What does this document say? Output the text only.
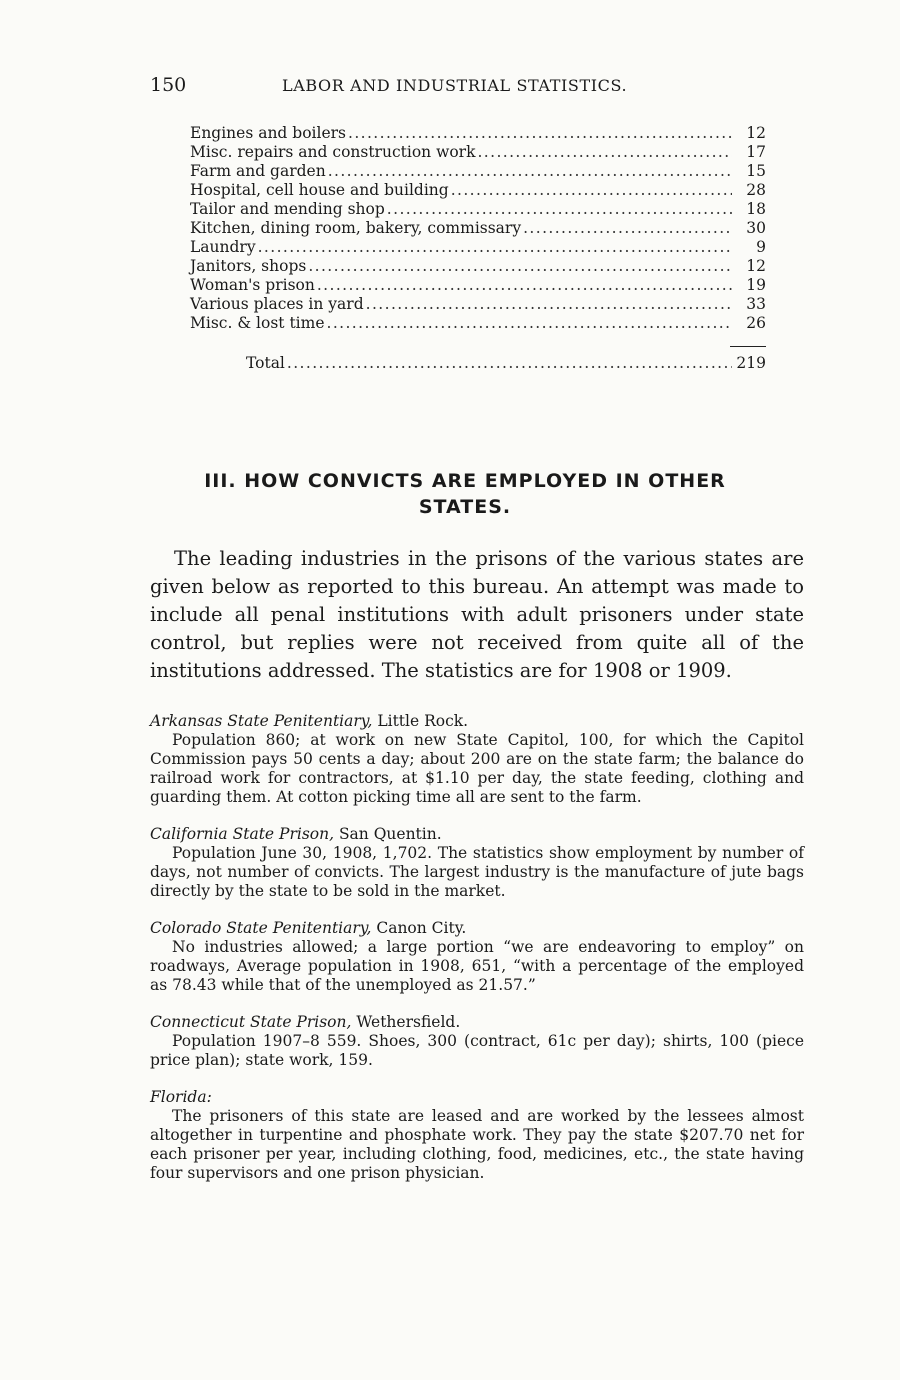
150	LABOR AND INDUSTRIAL STATISTICS.
Engines and boilers .....	12
Misc. repairs and construction work .....	17
Farm and garden .....	15
Hospital, cell house and building .....	28
Tailor and mending shop .....	18
Kitchen, dining room, bakery, commissary .....	30
Laundry .....	9
Janitors, shops .....	12
Woman's prison .....	19
Various places in yard .....	33
Misc. & lost time .....	26
Total .....	219
III. HOW CONVICTS ARE EMPLOYED IN OTHER
STATES.

The leading industries in the prisons of the various states are given below as reported to this bureau. An attempt was made to include all penal institutions with adult prisoners under state control, but replies were not received from quite all of the institutions addressed. The statistics are for 1908 or 1909.

Arkansas State Penitentiary, Little Rock.

Population 860; at work on new State Capitol, 100, for which the Capitol Commission pays 50 cents a day; about 200 are on the state farm; the balance do railroad work for contractors, at $1.10 per day, the state feeding, clothing and guarding them. At cotton picking time all are sent to the farm.

California State Prison, San Quentin.

Population June 30, 1908, 1,702. The statistics show employment by number of days, not number of convicts. The largest industry is the manufacture of jute bags directly by the state to be sold in the market.

Colorado State Penitentiary, Canon City.

No industries allowed; a large portion “we are endeavoring to employ” on roadways, Average population in 1908, 651, “with a percentage of the employed as 78.43 while that of the unemployed as 21.57.”

Connecticut State Prison, Wethersfield.

Population 1907–8 559. Shoes, 300 (contract, 61c per day); shirts, 100 (piece price plan); state work, 159.

Florida:

The prisoners of this state are leased and are worked by the lessees almost altogether in turpentine and phosphate work. They pay the state $207.70 net for each prisoner per year, including clothing, food, medicines, etc., the state having four supervisors and one prison physician.
